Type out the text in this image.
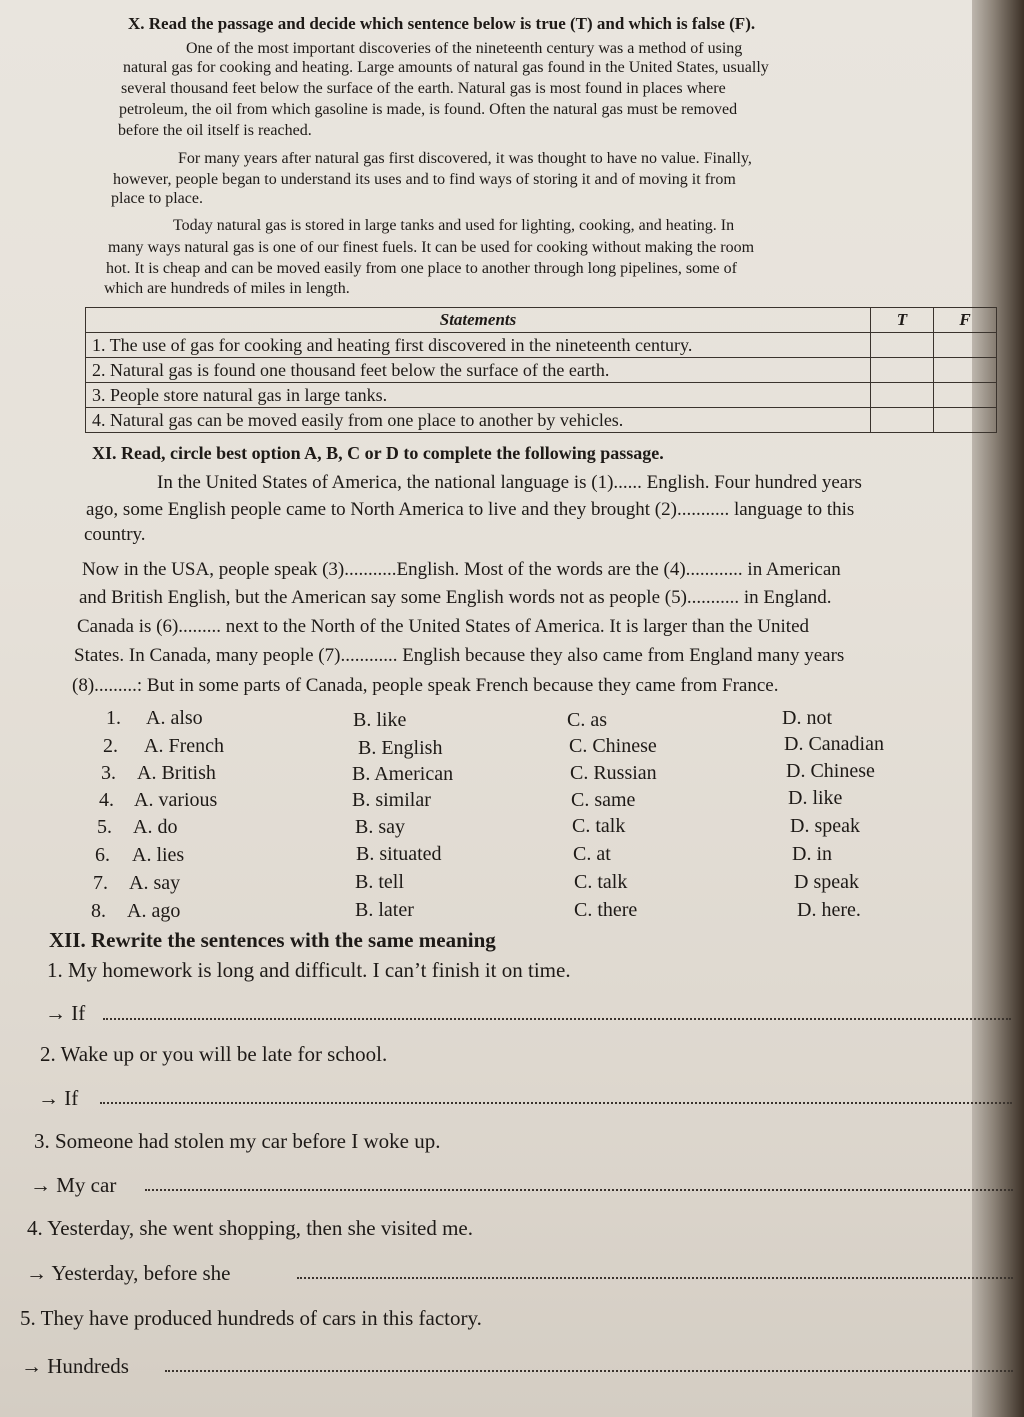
X. Read the passage and decide which sentence below is true (T) and which is false (F).
One of the most important discoveries of the nineteenth century was a method of using
natural gas for cooking and heating. Large amounts of natural gas found in the United States, usually
several thousand feet below the surface of the earth. Natural gas is most found in places where
petroleum, the oil from which gasoline is made, is found. Often the natural gas must be removed
before the oil itself is reached.
For many years after natural gas first discovered, it was thought to have no value. Finally,
however, people began to understand its uses and to find ways of storing it and of moving it from
place to place.
Today natural gas is stored in large tanks and used for lighting, cooking, and heating. In
many ways natural gas is one of our finest fuels. It can be used for cooking without making the room
hot. It is cheap and can be moved easily from one place to another through long pipelines, some of
which are hundreds of miles in length.
Statements	T	F
1. The use of gas for cooking and heating first discovered in the nineteenth century.		
2. Natural gas is found one thousand feet below the surface of the earth.		
3. People store natural gas in large tanks.		
4. Natural gas can be moved easily from one place to another by vehicles.		
XI. Read, circle best option A, B, C or D to complete the following passage.
In the United States of America, the national language is (1)...... English. Four hundred years
ago, some English people came to North America to live and they brought (2)........... language to this
country.
Now in the USA, people speak (3)...........English. Most of the words are the (4)............ in American
and British English, but the American say some English words not as people (5)........... in England.
Canada is (6)......... next to the North of the United States of America. It is larger than the United
States. In Canada, many people (7)............ English because they also came from England many years
(8).........: But in some parts of Canada, people speak French because they came from France.
1. A. also	B. like	C. as	D. not
2. A. French	B. English	C. Chinese	D. Canadian
3. A. British	B. American	C. Russian	D. Chinese
4. A. various	B. similar	C. same	D. like
5. A. do	B. say	C. talk	D. speak
6. A. lies	B. situated	C. at	D. in
7. A. say	B. tell	C. talk	D speak
8. A. ago	B. later	C. there	D. here.
XII. Rewrite the sentences with the same meaning
1. My homework is long and difficult. I can’t finish it on time.
→ If
2. Wake up or you will be late for school.
→ If
3. Someone had stolen my car before I woke up.
→ My car
4. Yesterday, she went shopping, then she visited me.
→ Yesterday, before she
5. They have produced hundreds of cars in this factory.
→ Hundreds
